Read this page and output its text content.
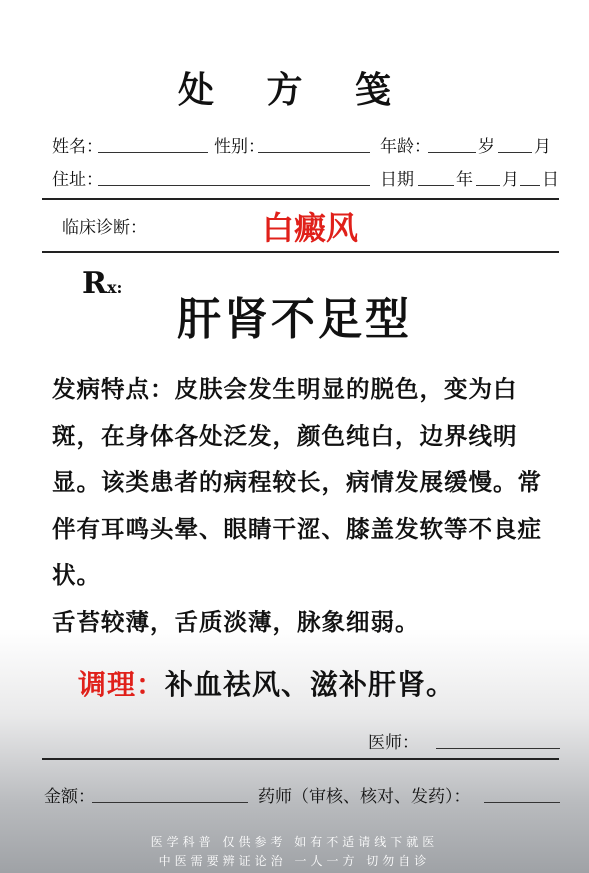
处 方 笺
姓名：	性别：	年龄：	岁 月
住址：	日期 年 月 日
临床诊断：	白癜风
Rx:
肝肾不足型

发病特点：皮肤会发生明显的脱色，变为白斑，在身体各处泛发，颜色纯白，边界线明显。该类患者的病程较长，病情发展缓慢。常伴有耳鸣头晕、眼睛干涩、膝盖发软等不良症状。

舌苔较薄，舌质淡薄，脉象细弱。

调理：补血祛风、滋补肝肾。
医师：
金额：	药师（审核、核对、发药）：
医学科普 仅供参考 如有不适请线下就医
中医需要辨证论治 一人一方 切勿自诊
